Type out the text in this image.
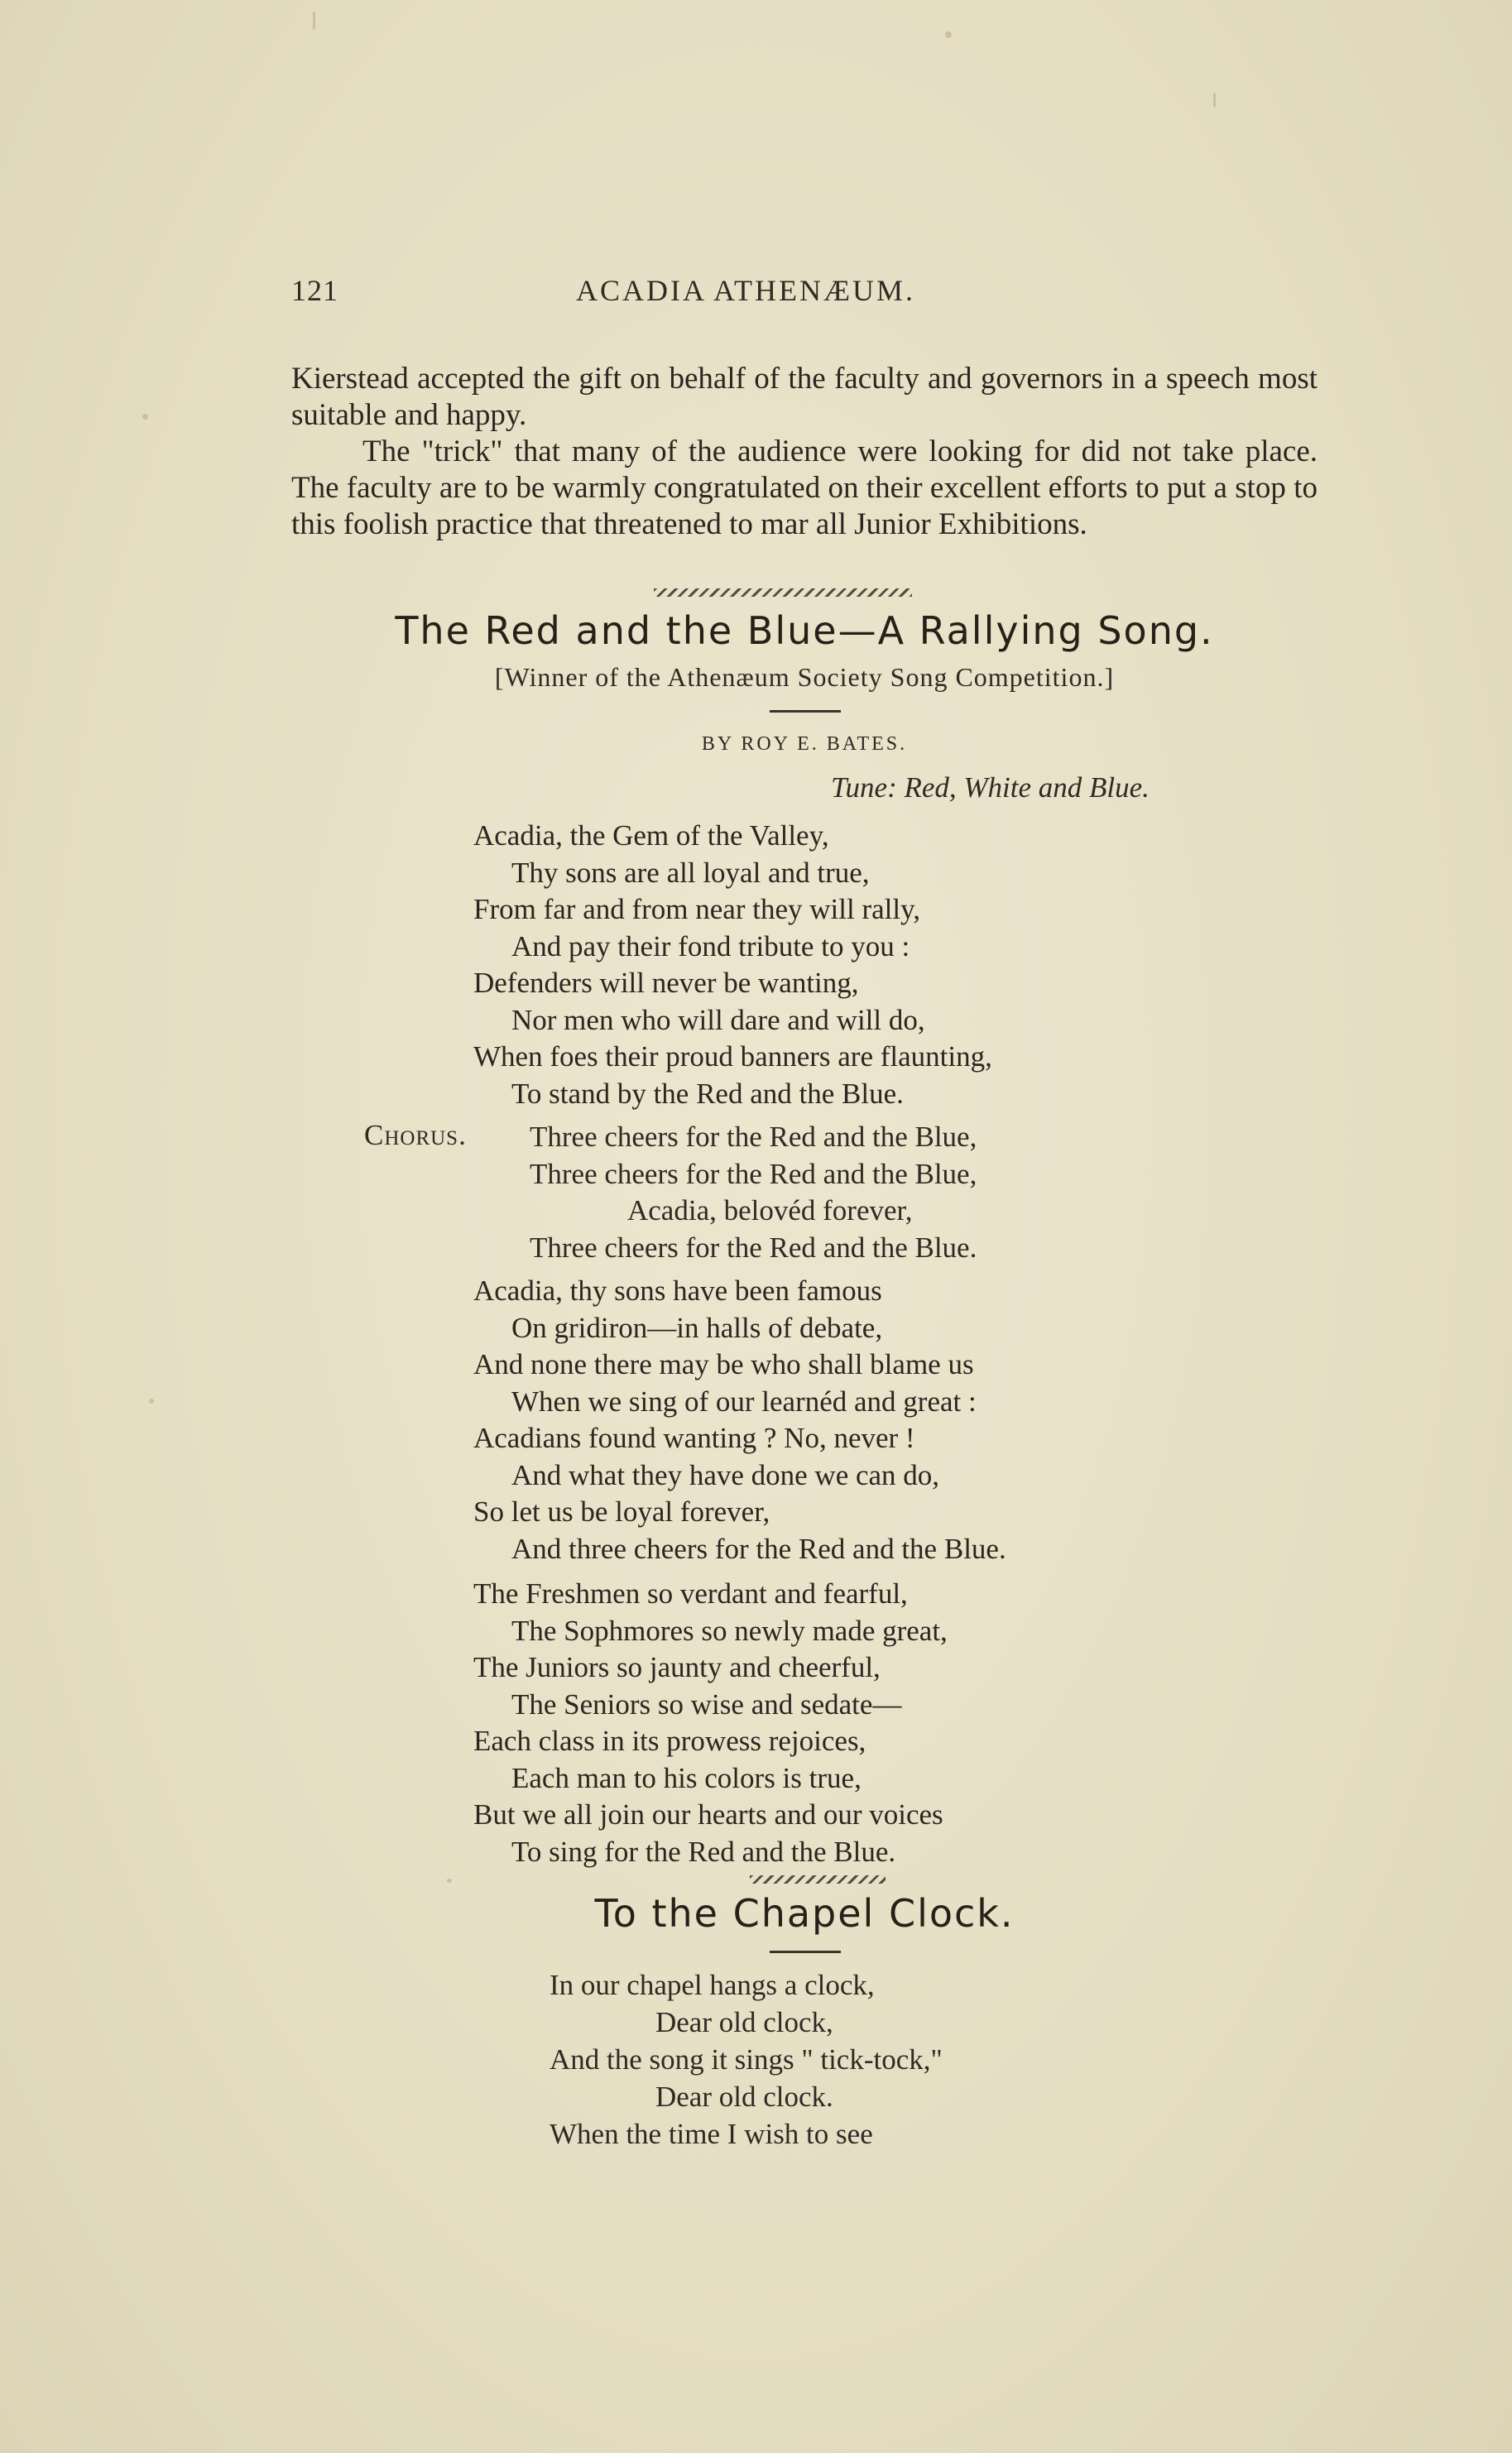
121	ACADIA ATHENÆUM.

Kierstead accepted the gift on behalf of the faculty and governors in a speech most suitable and happy.

The "trick" that many of the audience were looking for did not take place. The faculty are to be warmly congratulated on their excellent efforts to put a stop to this foolish practice that threatened to mar all Junior Exhibitions.

The Red and the Blue—A Rallying Song.
[Winner of the Athenæum Society Song Competition.]
BY ROY E. BATES.
Tune: Red, White and Blue.
Acadia, the Gem of the Valley,
Thy sons are all loyal and true,
From far and from near they will rally,
And pay their fond tribute to you :
Defenders will never be wanting,
Nor men who will dare and will do,
When foes their proud banners are flaunting,
To stand by the Red and the Blue.
Chorus. Three cheers for the Red and the Blue,
Three cheers for the Red and the Blue,
Acadia, belovéd forever,
Three cheers for the Red and the Blue.
Acadia, thy sons have been famous
On gridiron—in halls of debate,
And none there may be who shall blame us
When we sing of our learnéd and great :
Acadians found wanting ? No, never !
And what they have done we can do,
So let us be loyal forever,
And three cheers for the Red and the Blue.
The Freshmen so verdant and fearful,
The Sophmores so newly made great,
The Juniors so jaunty and cheerful,
The Seniors so wise and sedate—
Each class in its prowess rejoices,
Each man to his colors is true,
But we all join our hearts and our voices
To sing for the Red and the Blue.
To the Chapel Clock.
In our chapel hangs a clock,
Dear old clock,
And the song it sings " tick-tock,"
Dear old clock.
When the time I wish to see
